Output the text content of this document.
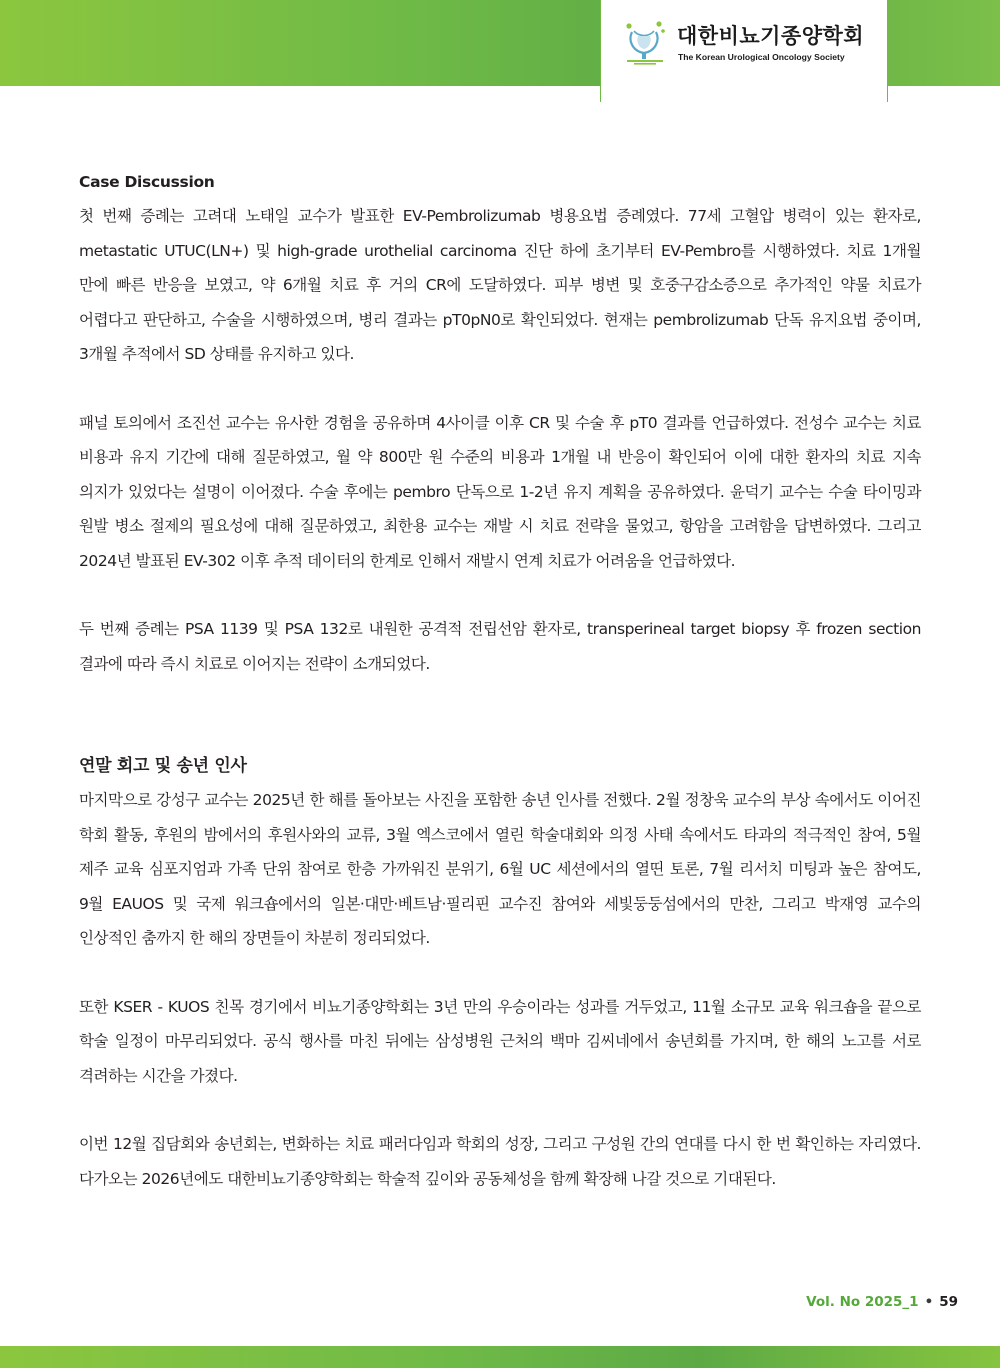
대한비뇨기종양학회
The Korean Urological Oncology Society
Case Discussion

첫 번째 증례는 고려대 노태일 교수가 발표한 EV-Pembrolizumab 병용요법 증례였다. 77세 고혈압 병력이 있는 환자로, metastatic UTUC(LN+) 및 high-grade urothelial carcinoma 진단 하에 초기부터 EV-Pembro를 시행하였다. 치료 1개월 만에 빠른 반응을 보였고, 약 6개월 치료 후 거의 CR에 도달하였다. 피부 병변 및 호중구감소증으로 추가적인 약물 치료가 어렵다고 판단하고, 수술을 시행하였으며, 병리 결과는 pT0pN0로 확인되었다. 현재는 pembrolizumab 단독 유지요법 중이며, 3개월 추적에서 SD 상태를 유지하고 있다.

패널 토의에서 조진선 교수는 유사한 경험을 공유하며 4사이클 이후 CR 및 수술 후 pT0 결과를 언급하였다. 전성수 교수는 치료 비용과 유지 기간에 대해 질문하였고, 월 약 800만 원 수준의 비용과 1개월 내 반응이 확인되어 이에 대한 환자의 치료 지속 의지가 있었다는 설명이 이어졌다. 수술 후에는 pembro 단독으로 1-2년 유지 계획을 공유하였다. 윤덕기 교수는 수술 타이밍과 원발 병소 절제의 필요성에 대해 질문하였고, 최한용 교수는 재발 시 치료 전략을 물었고, 항암을 고려함을 답변하였다. 그리고 2024년 발표된 EV-302 이후 추적 데이터의 한계로 인해서 재발시 연계 치료가 어려움을 언급하였다.

두 번째 증례는 PSA 1139 및 PSA 132로 내원한 공격적 전립선암 환자로, transperineal target biopsy 후 frozen section 결과에 따라 즉시 치료로 이어지는 전략이 소개되었다.

연말 회고 및 송년 인사

마지막으로 강성구 교수는 2025년 한 해를 돌아보는 사진을 포함한 송년 인사를 전했다. 2월 정창욱 교수의 부상 속에서도 이어진 학회 활동, 후원의 밤에서의 후원사와의 교류, 3월 엑스코에서 열린 학술대회와 의정 사태 속에서도 타과의 적극적인 참여, 5월 제주 교육 심포지엄과 가족 단위 참여로 한층 가까워진 분위기, 6월 UC 세션에서의 열띤 토론, 7월 리서치 미팅과 높은 참여도, 9월 EAUOS 및 국제 워크숍에서의 일본·대만·베트남·필리핀 교수진 참여와 세빛둥둥섬에서의 만찬, 그리고 박재영 교수의 인상적인 춤까지 한 해의 장면들이 차분히 정리되었다.

또한 KSER - KUOS 친목 경기에서 비뇨기종양학회는 3년 만의 우승이라는 성과를 거두었고, 11월 소규모 교육 워크숍을 끝으로 학술 일정이 마무리되었다. 공식 행사를 마친 뒤에는 삼성병원 근처의 백마 김씨네에서 송년회를 가지며, 한 해의 노고를 서로 격려하는 시간을 가졌다.

이번 12월 집담회와 송년회는, 변화하는 치료 패러다임과 학회의 성장, 그리고 구성원 간의 연대를 다시 한 번 확인하는 자리였다. 다가오는 2026년에도 대한비뇨기종양학회는 학술적 깊이와 공동체성을 함께 확장해 나갈 것으로 기대된다.

Vol. No 2025_1 • 59
